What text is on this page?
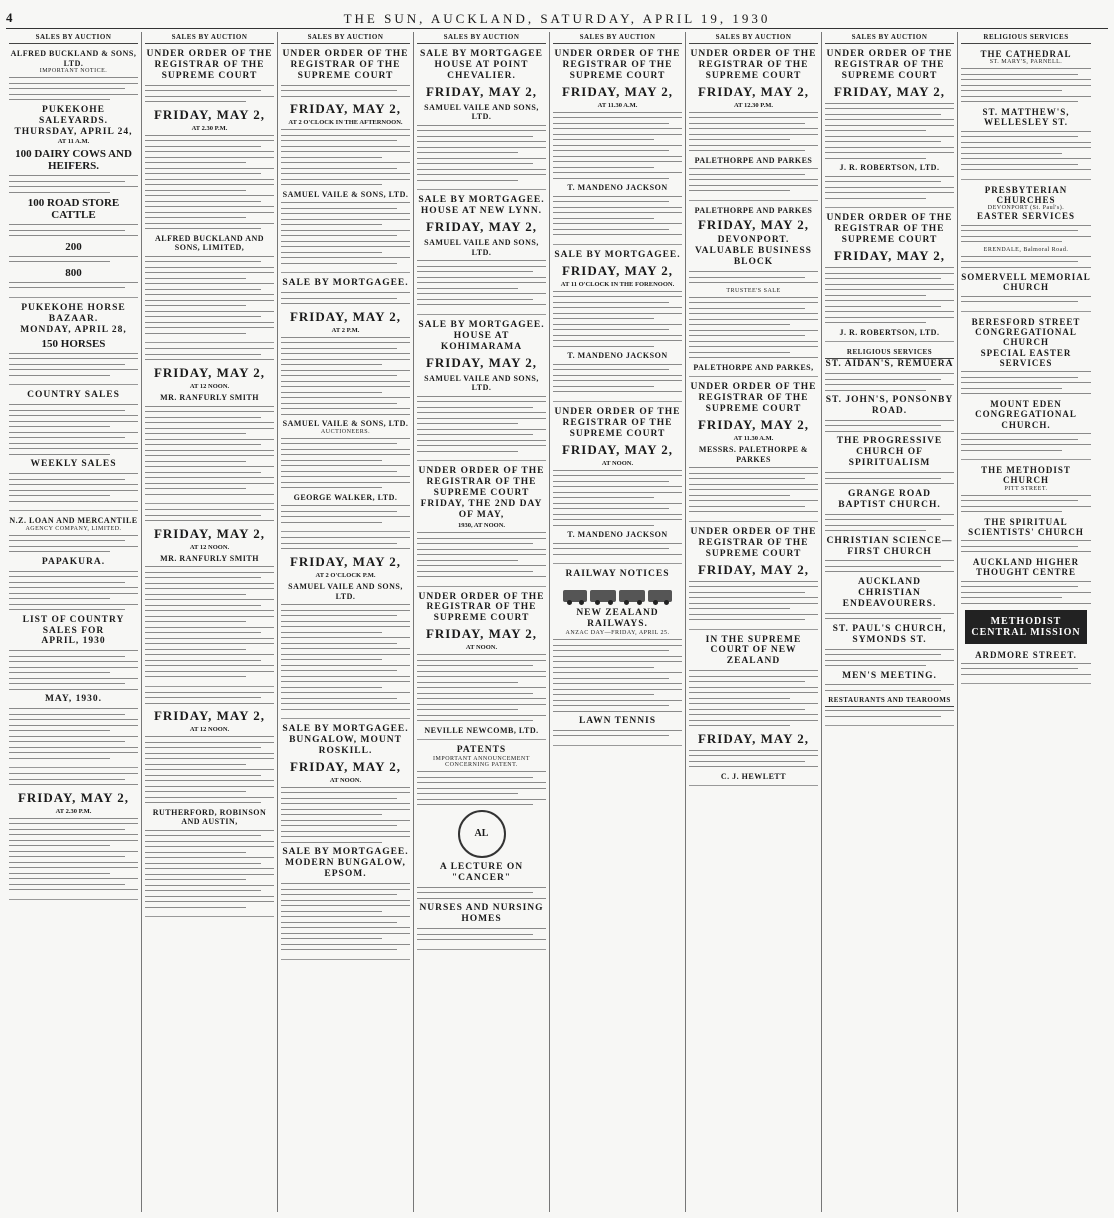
4	THE SUN, AUCKLAND, SATURDAY, APRIL 19, 1930
SALES BY AUCTION
ALFRED BUCKLAND & SONS, LTD.
IMPORTANT NOTICE.
PUKEKOHE SALEYARDS.
THURSDAY, APRIL 24,
AT 11 A.M.
100 DAIRY COWS AND HEIFERS.
100 ROAD STORE CATTLE
200
800
PUKEKOHE HORSE BAZAAR.
MONDAY, APRIL 28,
150 HORSES
COUNTRY SALES
WEEKLY SALES
N.Z. LOAN AND MERCANTILE
AGENCY COMPANY, LIMITED.
PAPAKURA.
LIST OF COUNTRY SALES FOR
APRIL, 1930
MAY, 1930.
FRIDAY, MAY 2,
AT 2.30 P.M.
SALES BY AUCTION
UNDER ORDER OF THE REGISTRAR OF THE SUPREME COURT
FRIDAY, MAY 2,
AT 2.30 P.M.
ALFRED BUCKLAND AND SONS, LIMITED,
FRIDAY, MAY 2,
AT 12 NOON.
MR. RANFURLY SMITH
FRIDAY, MAY 2,
AT 12 NOON.
MR. RANFURLY SMITH
FRIDAY, MAY 2,
AT 12 NOON.
RUTHERFORD, ROBINSON AND AUSTIN,
SALES BY AUCTION
UNDER ORDER OF THE REGISTRAR OF THE SUPREME COURT
FRIDAY, MAY 2,
AT 2 O'CLOCK IN THE AFTERNOON.
SAMUEL VAILE & SONS, LTD.
SALE BY MORTGAGEE.
FRIDAY, MAY 2,
AT 2 P.M.
SAMUEL VAILE & SONS, LTD.
AUCTIONEERS.
GEORGE WALKER, LTD.
FRIDAY, MAY 2,
AT 2 O'CLOCK P.M.
SAMUEL VAILE AND SONS, LTD.
SALE BY MORTGAGEE.
BUNGALOW, MOUNT ROSKILL.
FRIDAY, MAY 2,
AT NOON.
SALE BY MORTGAGEE.
MODERN BUNGALOW, EPSOM.
SALES BY AUCTION
SALE BY MORTGAGEE
HOUSE AT POINT CHEVALIER.
FRIDAY, MAY 2,
SAMUEL VAILE AND SONS, LTD.
SALE BY MORTGAGEE.
HOUSE AT NEW LYNN.
FRIDAY, MAY 2,
SAMUEL VAILE AND SONS, LTD.
SALE BY MORTGAGEE.
HOUSE AT KOHIMARAMA
FRIDAY, MAY 2,
SAMUEL VAILE AND SONS, LTD.
UNDER ORDER OF THE REGISTRAR OF THE SUPREME COURT
FRIDAY, THE 2ND DAY OF MAY,
1930, AT NOON.
UNDER ORDER OF THE REGISTRAR OF THE SUPREME COURT
FRIDAY, MAY 2,
AT NOON.
NEVILLE NEWCOMB, LTD.
PATENTS
IMPORTANT ANNOUNCEMENT CONCERNING PATENT.
AL
A LECTURE ON "CANCER"
NURSES AND NURSING HOMES
SALES BY AUCTION
UNDER ORDER OF THE REGISTRAR OF THE SUPREME COURT
FRIDAY, MAY 2,
AT 11.30 A.M.
T. MANDENO JACKSON
SALE BY MORTGAGEE.
FRIDAY, MAY 2,
AT 11 O'CLOCK IN THE FORENOON.
T. MANDENO JACKSON
UNDER ORDER OF THE REGISTRAR OF THE SUPREME COURT
FRIDAY, MAY 2,
AT NOON.
T. MANDENO JACKSON
RAILWAY NOTICES
NEW ZEALAND RAILWAYS.
ANZAC DAY—FRIDAY, APRIL 25.
LAWN TENNIS
SALES BY AUCTION
UNDER ORDER OF THE REGISTRAR OF THE SUPREME COURT
FRIDAY, MAY 2,
AT 12.30 P.M.
PALETHORPE AND PARKES
PALETHORPE AND PARKES
FRIDAY, MAY 2,
DEVONPORT.
VALUABLE BUSINESS BLOCK
TRUSTEE'S SALE
PALETHORPE AND PARKES,
UNDER ORDER OF THE REGISTRAR OF THE SUPREME COURT
FRIDAY, MAY 2,
AT 11.30 A.M.
MESSRS. PALETHORPE & PARKES
UNDER ORDER OF THE REGISTRAR OF THE SUPREME COURT
FRIDAY, MAY 2,
IN THE SUPREME COURT OF NEW ZEALAND
FRIDAY, MAY 2,
C. J. HEWLETT
SALES BY AUCTION
UNDER ORDER OF THE REGISTRAR OF THE SUPREME COURT
FRIDAY, MAY 2,
J. R. ROBERTSON, LTD.
UNDER ORDER OF THE REGISTRAR OF THE SUPREME COURT
FRIDAY, MAY 2,
J. R. ROBERTSON, LTD.
RELIGIOUS SERVICES
ST. AIDAN'S, REMUERA
ST. JOHN'S, PONSONBY ROAD.
THE PROGRESSIVE CHURCH OF SPIRITUALISM
GRANGE ROAD BAPTIST CHURCH.
CHRISTIAN SCIENCE—FIRST CHURCH
AUCKLAND CHRISTIAN ENDEAVOURERS.
ST. PAUL'S CHURCH, SYMONDS ST.
MEN'S MEETING.
RESTAURANTS AND TEAROOMS
RELIGIOUS SERVICES
THE CATHEDRAL
ST. MARY'S, PARNELL.
ST. MATTHEW'S, WELLESLEY ST.
PRESBYTERIAN CHURCHES
DEVONPORT (St. Paul's).
EASTER SERVICES
ERENDALE, Balmoral Road.
SOMERVELL MEMORIAL CHURCH
BERESFORD STREET CONGREGATIONAL CHURCH
SPECIAL EASTER SERVICES
MOUNT EDEN CONGREGATIONAL CHURCH.
THE METHODIST CHURCH
PITT STREET.
THE SPIRITUAL SCIENTISTS' CHURCH
AUCKLAND HIGHER THOUGHT CENTRE
METHODIST CENTRAL MISSION
ARDMORE STREET.
